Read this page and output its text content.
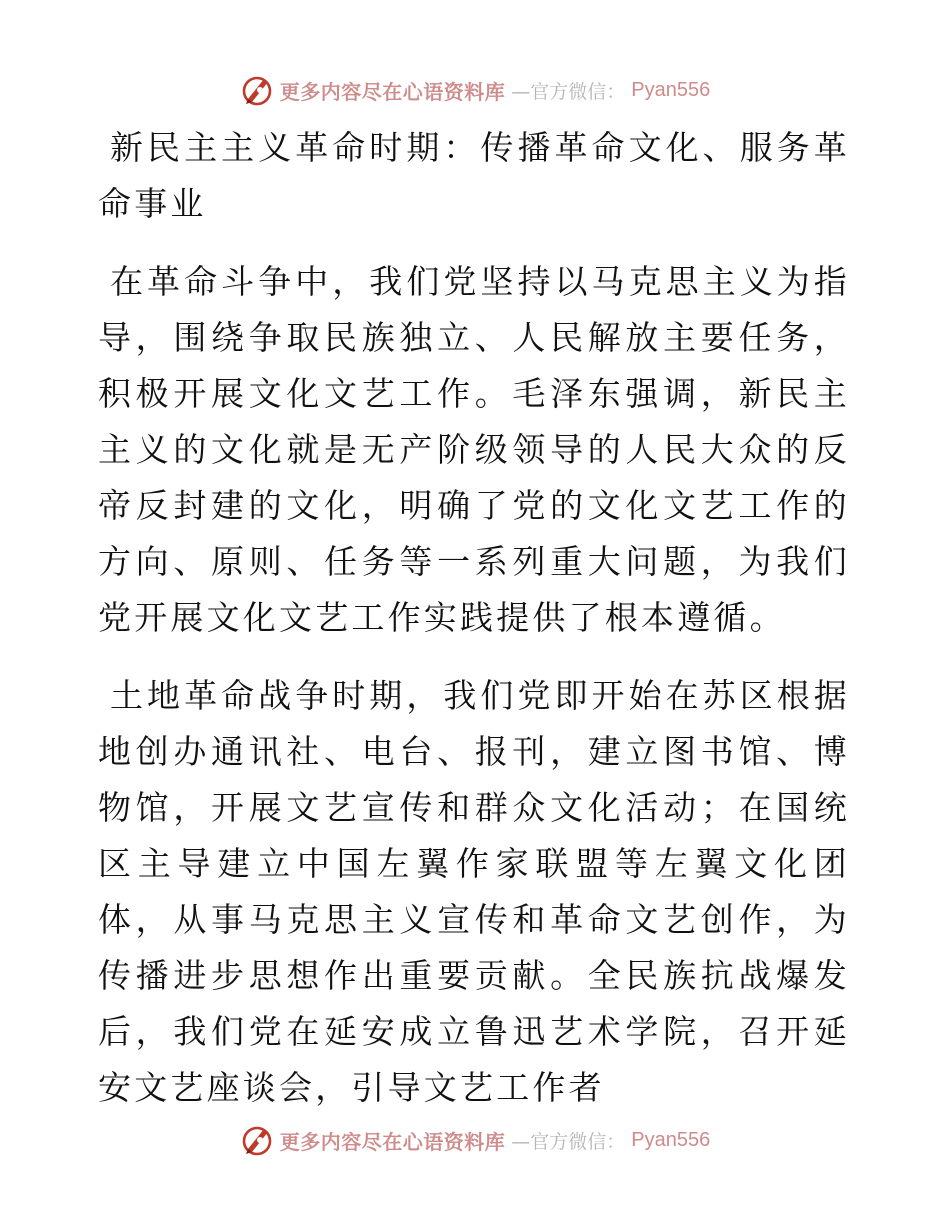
更多内容尽在心语资料库 —官方微信： Pyan556

新民主主义革命时期：传播革命文化、服务革命事业

在革命斗争中，我们党坚持以马克思主义为指导，围绕争取民族独立、人民解放主要任务，积极开展文化文艺工作。毛泽东强调，新民主主义的文化就是无产阶级领导的人民大众的反帝反封建的文化，明确了党的文化文艺工作的方向、原则、任务等一系列重大问题，为我们党开展文化文艺工作实践提供了根本遵循。

土地革命战争时期，我们党即开始在苏区根据地创办通讯社、电台、报刊，建立图书馆、博物馆，开展文艺宣传和群众文化活动；在国统区主导建立中国左翼作家联盟等左翼文化团体，从事马克思主义宣传和革命文艺创作，为传播进步思想作出重要贡献。全民族抗战爆发后，我们党在延安成立鲁迅艺术学院，召开延安文艺座谈会，引导文艺工作者

更多内容尽在心语资料库 —官方微信： Pyan556
